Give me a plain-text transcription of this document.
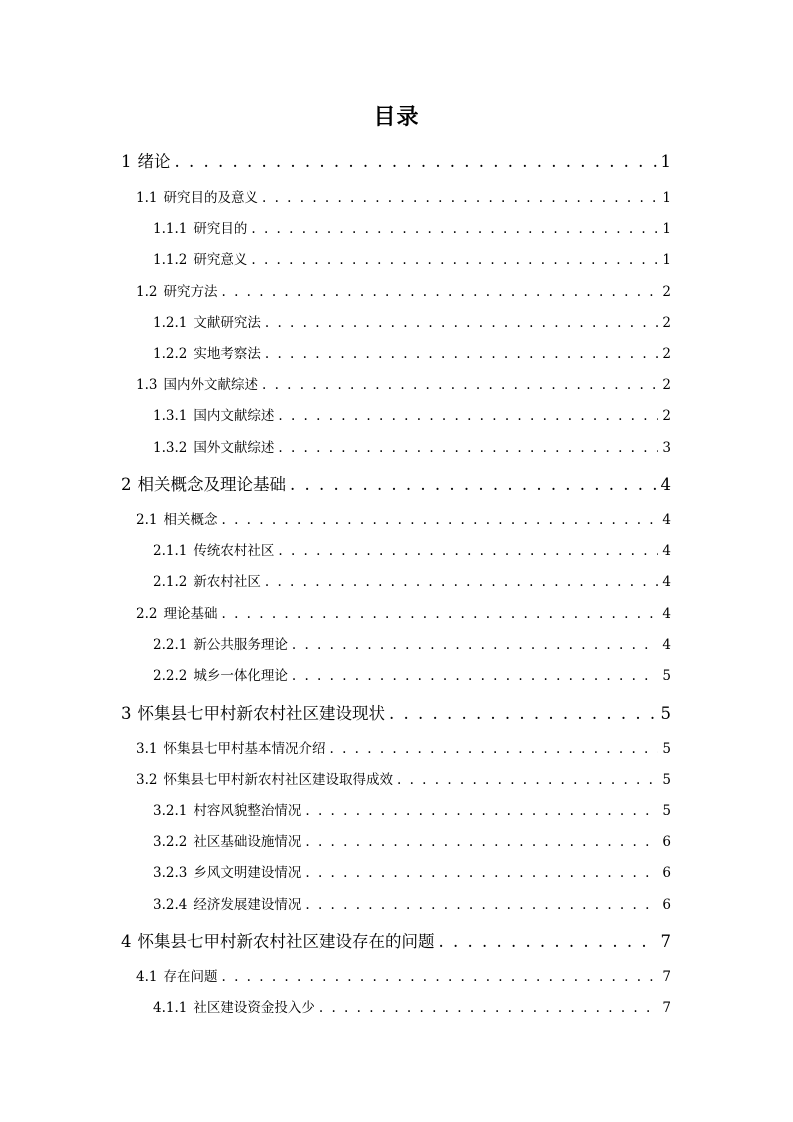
目录
1 绪论 . . .	1
1.1 研究目的及意义 . . .	1
1.1.1 研究目的 . . .	1
1.1.2 研究意义 . . .	1
1.2 研究方法 . . .	2
1.2.1 文献研究法 . . .	2
1.2.2 实地考察法 . . .	2
1.3 国内外文献综述 . . .	2
1.3.1 国内文献综述 . . .	2
1.3.2 国外文献综述 . . .	3
2 相关概念及理论基础 . . .	4
2.1 相关概念 . . .	4
2.1.1 传统农村社区 . . .	4
2.1.2 新农村社区 . . .	4
2.2 理论基础 . . .	4
2.2.1 新公共服务理论 . . .	4
2.2.2 城乡一体化理论 . . .	5
3 怀集县七甲村新农村社区建设现状 . . .	5
3.1 怀集县七甲村基本情况介绍 . . .	5
3.2 怀集县七甲村新农村社区建设取得成效 . . .	5
3.2.1 村容风貌整治情况 . . .	5
3.2.2 社区基础设施情况 . . .	6
3.2.3 乡风文明建设情况 . . .	6
3.2.4 经济发展建设情况 . . .	6
4 怀集县七甲村新农村社区建设存在的问题 . . .	7
4.1 存在问题 . . .	7
4.1.1 社区建设资金投入少 . . .	7
